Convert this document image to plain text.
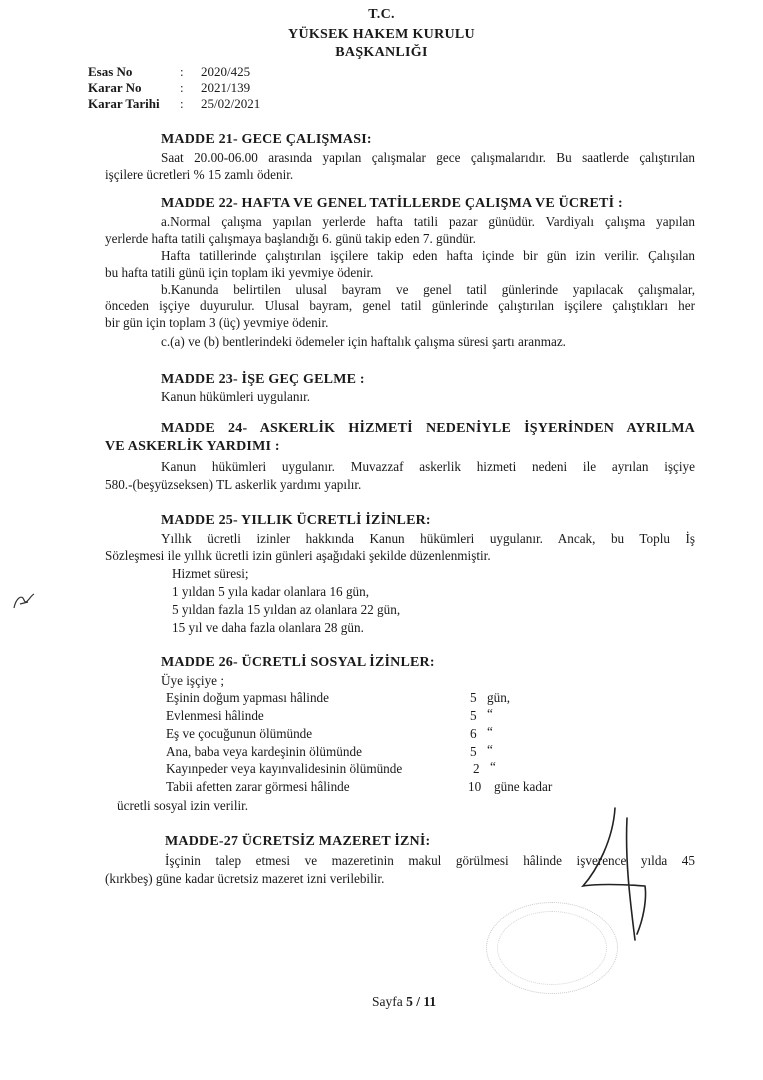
T.C.
YÜKSEK HAKEM KURULU
BAŞKANLIĞI
Esas No	: 2020/425
Karar No	: 2021/139
Karar Tarihi : 25/02/2021
MADDE 21- GECE ÇALIŞMASI:
Saat 20.00-06.00 arasında yapılan çalışmalar gece çalışmalarıdır. Bu saatlerde çalıştırılan
işçilere ücretleri % 15 zamlı ödenir.
MADDE 22- HAFTA VE GENEL TATİLLERDE ÇALIŞMA VE ÜCRETİ :
a.Normal çalışma yapılan yerlerde hafta tatili pazar günüdür. Vardiyalı çalışma yapılan
yerlerde hafta tatili çalışmaya başlandığı 6. günü takip eden 7. gündür.
Hafta tatillerinde çalıştırılan işçilere takip eden hafta içinde bir gün izin verilir. Çalışılan
bu hafta tatili günü için toplam iki yevmiye ödenir.
b.Kanunda belirtilen ulusal bayram ve genel tatil günlerinde yapılacak çalışmalar,
önceden işçiye duyurulur. Ulusal bayram, genel tatil günlerinde çalıştırılan işçilere çalıştıkları her
bir gün için toplam 3 (üç) yevmiye ödenir.
c.(a) ve (b) bentlerindeki ödemeler için haftalık çalışma süresi şartı aranmaz.
MADDE 23- İŞE GEÇ GELME :
Kanun hükümleri uygulanır.
MADDE 24- ASKERLİK HİZMETİ NEDENİYLE İŞYERİNDEN AYRILMA
VE ASKERLİK YARDIMI :
Kanun hükümleri uygulanır. Muvazzaf askerlik hizmeti nedeni ile ayrılan işçiye
580.-(beşyüzseksen) TL askerlik yardımı yapılır.
MADDE 25- YILLIK ÜCRETLİ İZİNLER:
Yıllık ücretli izinler hakkında Kanun hükümleri uygulanır. Ancak, bu Toplu İş
Sözleşmesi ile yıllık ücretli izin günleri aşağıdaki şekilde düzenlenmiştir.
Hizmet süresi;
1 yıldan 5 yıla kadar olanlara 16 gün,
5 yıldan fazla 15 yıldan az olanlara 22 gün,
15 yıl ve daha fazla olanlara 28 gün.
MADDE 26- ÜCRETLİ SOSYAL İZİNLER:
Üye işçiye ;
Eşinin doğum yapması hâlinde	5 gün,
Evlenmesi hâlinde	5 “
Eş ve çocuğunun ölümünde	6 “
Ana, baba veya kardeşinin ölümünde	5 “
Kayınpeder veya kayınvalidesinin ölümünde	2 “
Tabii afetten zarar görmesi hâlinde	10 güne kadar
ücretli sosyal izin verilir.
MADDE-27 ÜCRETSİZ MAZERET İZNİ:
İşçinin talep etmesi ve mazeretinin makul görülmesi hâlinde işverence yılda 45
(kırkbeş) güne kadar ücretsiz mazeret izni verilebilir.
Sayfa 5 / 11
